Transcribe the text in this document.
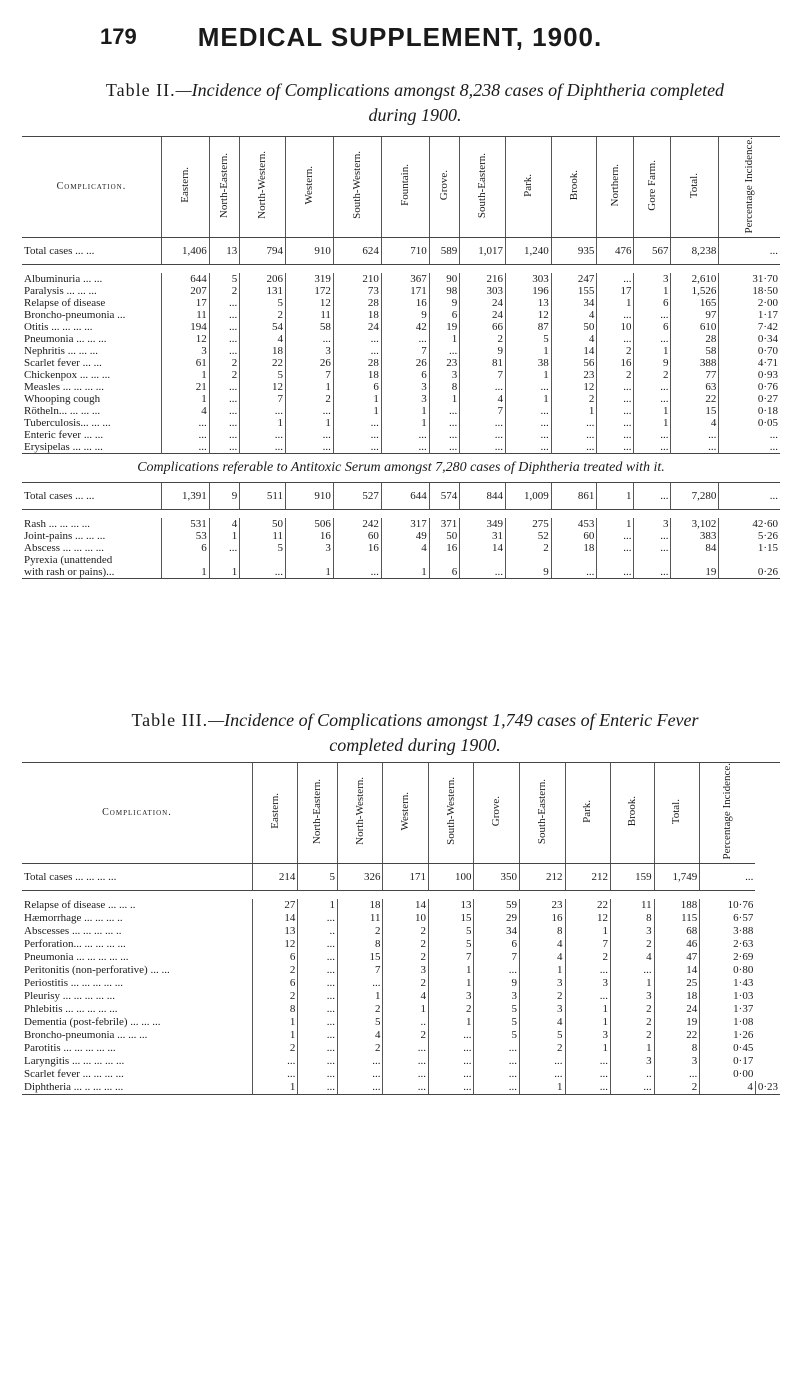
179	MEDICAL SUPPLEMENT, 1900.
Table II.—Incidence of Complications amongst 8,238 cases of Diphtheria completed
during 1900.
Complication.	Eastern.	North-Eastern.	North-Western.	Western.	South-Western.	Fountain.	Grove.	South-Eastern.	Park.	Brook.	Northern.	Gore Farm.	Total.	Percentage Incidence.
Total cases ... ...	1,406	13	794	910	624	710	589	1,017	1,240	935	476	567	8,238	...

Albuminuria ... ...	644	5	206	319	210	367	90	216	303	247	...	3	2,610	31·70
Paralysis ... ... ...	207	2	131	172	73	171	98	303	196	155	17	1	1,526	18·50
Relapse of disease	17	...	5	12	28	16	9	24	13	34	1	6	165	2·00
Broncho-pneumonia ...	11	...	2	11	18	9	6	24	12	4	...	...	97	1·17
Otitis ... ... ... ...	194	...	54	58	24	42	19	66	87	50	10	6	610	7·42
Pneumonia ... ... ...	12	...	4	...	...	...	1	2	5	4	...	...	28	0·34
Nephritis ... ... ...	3	...	18	3	...	7	...	9	1	14	2	1	58	0·70
Scarlet fever ... ...	61	2	22	26	28	26	23	81	38	56	16	9	388	4·71
Chickenpox ... ... ...	1	2	5	7	18	6	3	7	1	23	2	2	77	0·93
Measles ... ... ... ...	21	...	12	1	6	3	8	...	...	12	...	...	63	0·76
Whooping cough	1	...	7	2	1	3	1	4	1	2	...	...	22	0·27
Rötheln... ... ... ...	4	...	...	...	1	1	...	7	...	1	...	1	15	0·18
Tuberculosis... ... ...	...	...	1	1	...	1	...	...	...	...	...	1	4	0·05
Enteric fever ... ...	...	...	...	...	...	...	...	...	...	...	...	...	...	...
Erysipelas ... ... ...	...	...	...	...	...	...	...	...	...	...	...	...	...	...
Complications referable to Antitoxic Serum amongst 7,280 cases of Diphtheria treated with it.														
Total cases ... ...	1,391	9	511	910	527	644	574	844	1,009	861	1	...	7,280	...

Rash ... ... ... ...	531	4	50	506	242	317	371	349	275	453	1	3	3,102	42·60
Joint-pains ... ... ...	53	1	11	16	60	49	50	31	52	60	...	...	383	5·26
Abscess ... ... ... ...	6	...	5	3	16	4	16	14	2	18	...	...	84	1·15
Pyrexia (unattended														
with rash or pains)...	1	1	...	1	...	1	6	...	9	...	...	...	19	0·26
Table III.—Incidence of Complications amongst 1,749 cases of Enteric Fever
completed during 1900.
Complication.	Eastern.	North-Eastern.	North-Western.	Western.	South-Western.	Grove.	South-Eastern.	Park.	Brook.	Total.	Percentage Incidence.	
Total cases ... ... ... ...	214	5	326	171	100	350	212	212	159	1,749	...	

Relapse of disease ... ... ..	27	1	18	14	13	59	23	22	11	188	10·76	
Hæmorrhage ... ... ... ..	14	...	11	10	15	29	16	12	8	115	6·57	
Abscesses ... ... ... ... ..	13	..	2	2	5	34	8	1	3	68	3·88	
Perforation... ... ... ... ...	12	...	8	2	5	6	4	7	2	46	2·63	
Pneumonia ... ... ... ... ...	6	...	15	2	7	7	4	2	4	47	2·69	
Peritonitis (non-perforative) ... ...	2	...	7	3	1	...	1	...	...	14	0·80	
Periostitis ... ... ... ... ...	6	...	...	2	1	9	3	3	1	25	1·43	
Pleurisy ... ... ... ... ...	2	...	1	4	3	3	2	...	3	18	1·03	
Phlebitis ... ... ... ... ...	8	...	2	1	2	5	3	1	2	24	1·37	
Dementia (post-febrile) ... ... ...	1	...	5	..	1	5	4	1	2	19	1·08	
Broncho-pneumonia ... ... ...	1	...	4	2	...	5	5	3	2	22	1·26	
Parotitis ... ... ... ... ...	2	...	2	...	...	...	2	1	1	8	0·45	
Laryngitis ... ... ... ... ...	...	...	...	...	...	...	...	...	3	3	0·17	
Scarlet fever ... ... ... ...	...	...	...	...	...	...	...	...	..	...	0·00	
Diphtheria ... .. ... ... ...	1	...	...	...	...	...	1	...	...	2	4	0·23
